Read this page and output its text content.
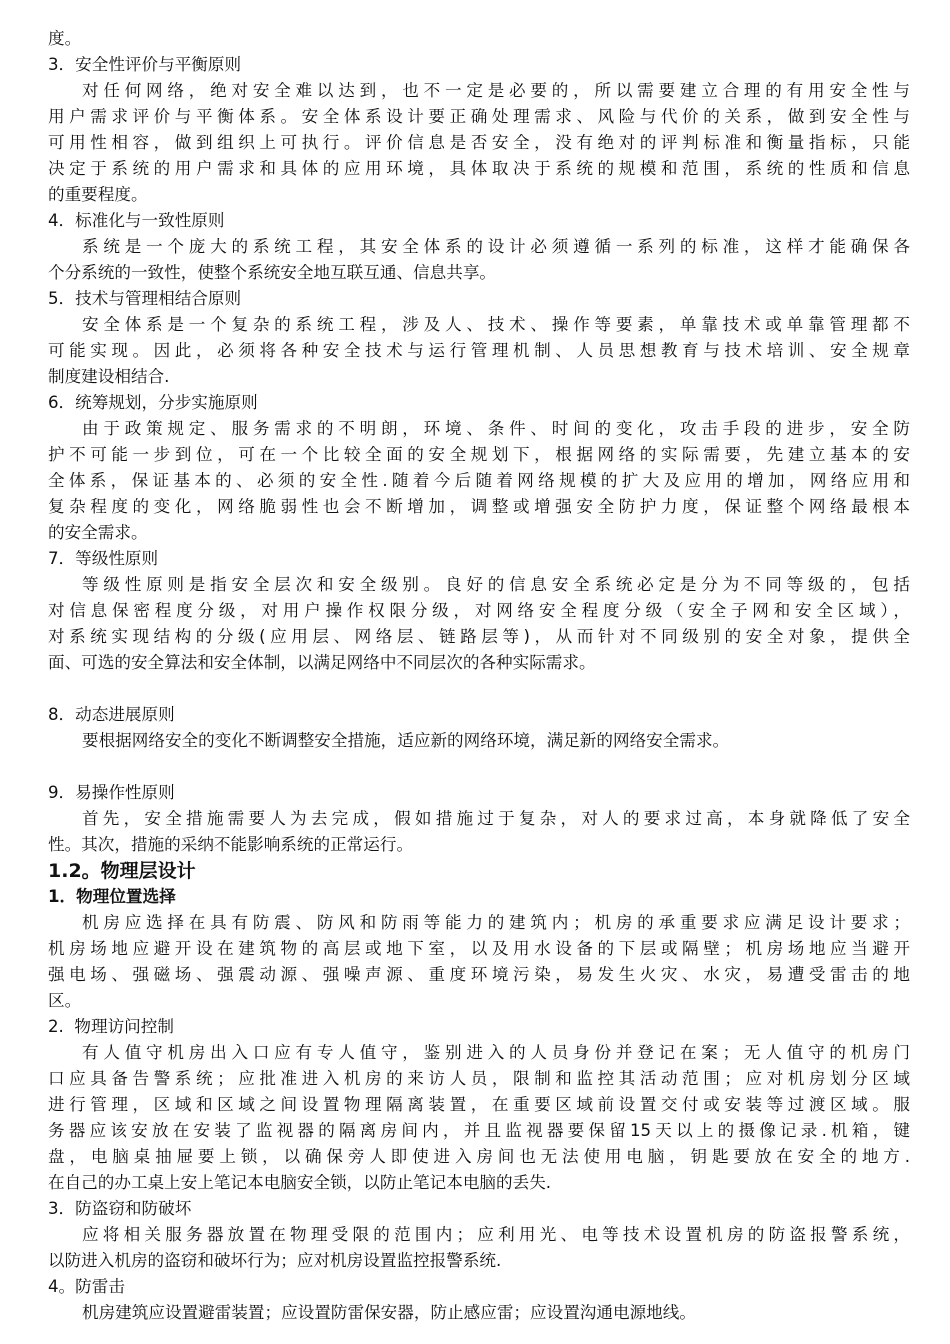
度。
3．安全性评价与平衡原则
对任何网络，绝对安全难以达到，也不一定是必要的，所以需要建立合理的有用安全性与
用户需求评价与平衡体系。安全体系设计要正确处理需求、风险与代价的关系，做到安全性与
可用性相容，做到组织上可执行。评价信息是否安全，没有绝对的评判标准和衡量指标，只能
决定于系统的用户需求和具体的应用环境，具体取决于系统的规模和范围，系统的性质和信息
的重要程度。
4．标准化与一致性原则
系统是一个庞大的系统工程，其安全体系的设计必须遵循一系列的标准，这样才能确保各
个分系统的一致性，使整个系统安全地互联互通、信息共享。
5．技术与管理相结合原则
安全体系是一个复杂的系统工程，涉及人、技术、操作等要素，单靠技术或单靠管理都不
可能实现。因此，必须将各种安全技术与运行管理机制、人员思想教育与技术培训、安全规章
制度建设相结合.
6．统筹规划，分步实施原则
由于政策规定、服务需求的不明朗，环境、条件、时间的变化，攻击手段的进步，安全防
护不可能一步到位，可在一个比较全面的安全规划下，根据网络的实际需要，先建立基本的安
全体系，保证基本的、必须的安全性.随着今后随着网络规模的扩大及应用的增加，网络应用和
复杂程度的变化，网络脆弱性也会不断增加，调整或增强安全防护力度，保证整个网络最根本
的安全需求。
7．等级性原则
等级性原则是指安全层次和安全级别。良好的信息安全系统必定是分为不同等级的，包括
对信息保密程度分级，对用户操作权限分级，对网络安全程度分级（安全子网和安全区域），
对系统实现结构的分级(应用层、网络层、链路层等)，从而针对不同级别的安全对象，提供全
面、可选的安全算法和安全体制，以满足网络中不同层次的各种实际需求。
8．动态进展原则
要根据网络安全的变化不断调整安全措施，适应新的网络环境，满足新的网络安全需求。
9．易操作性原则
首先，安全措施需要人为去完成，假如措施过于复杂，对人的要求过高，本身就降低了安全
性。其次，措施的采纳不能影响系统的正常运行。
1.2。物理层设计
1．物理位置选择
机房应选择在具有防震、防风和防雨等能力的建筑内；机房的承重要求应满足设计要求；
机房场地应避开设在建筑物的高层或地下室，以及用水设备的下层或隔壁；机房场地应当避开
强电场、强磁场、强震动源、强噪声源、重度环境污染，易发生火灾、水灾，易遭受雷击的地
区。
2.  物理访问控制
有人值守机房出入口应有专人值守，鉴别进入的人员身份并登记在案；无人值守的机房门
口应具备告警系统；应批准进入机房的来访人员，限制和监控其活动范围；应对机房划分区域
进行管理，区域和区域之间设置物理隔离装置，在重要区域前设置交付或安装等过渡区域。服
务器应该安放在安装了监视器的隔离房间内，并且监视器要保留15天以上的摄像记录.机箱，键
盘，电脑桌抽屉要上锁，以确保旁人即使进入房间也无法使用电脑，钥匙要放在安全的地方.
在自己的办工桌上安上笔记本电脑安全锁，以防止笔记本电脑的丢失.
3．防盗窃和防破坏
应将相关服务器放置在物理受限的范围内；应利用光、电等技术设置机房的防盗报警系统，
以防进入机房的盗窃和破坏行为；应对机房设置监控报警系统.
4。防雷击
机房建筑应设置避雷装置；应设置防雷保安器，防止感应雷；应设置沟通电源地线。
